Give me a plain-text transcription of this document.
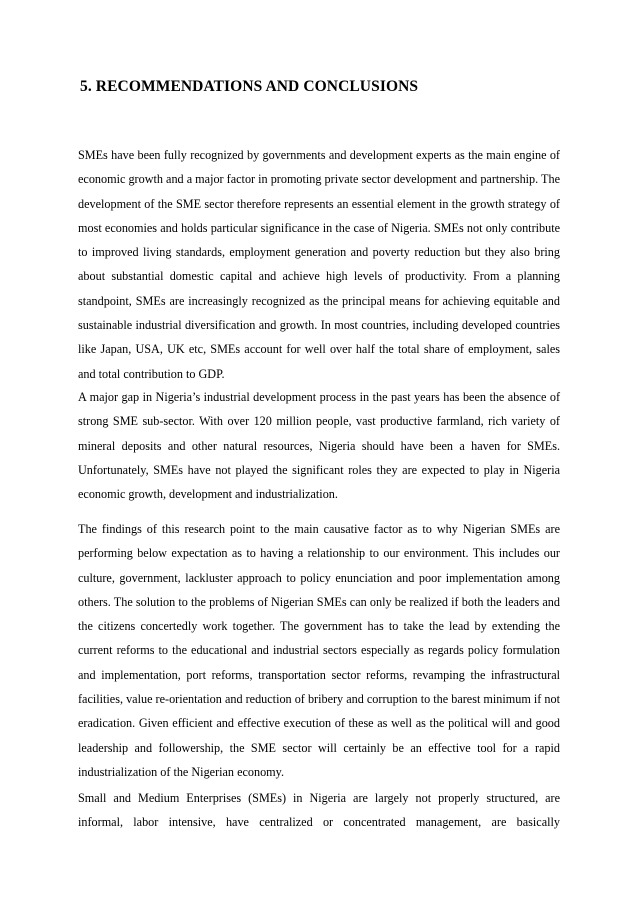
5. RECOMMENDATIONS AND CONCLUSIONS

SMEs have been fully recognized by governments and development experts as the main engine of economic growth and a major factor in promoting private sector development and partnership. The development of the SME sector therefore represents an essential element in the growth strategy of most economies and holds particular significance in the case of Nigeria. SMEs not only contribute to improved living standards, employment generation and poverty reduction but they also bring about substantial domestic capital and achieve high levels of productivity. From a planning standpoint, SMEs are increasingly recognized as the principal means for achieving equitable and sustainable industrial diversification and growth. In most countries, including developed countries like Japan, USA, UK etc, SMEs account for well over half the total share of employment, sales and total contribution to GDP.

A major gap in Nigeria’s industrial development process in the past years has been the absence of strong SME sub-sector. With over 120 million people, vast productive farmland, rich variety of mineral deposits and other natural resources, Nigeria should have been a haven for SMEs. Unfortunately, SMEs have not played the significant roles they are expected to play in Nigeria economic growth, development and industrialization.

The findings of this research point to the main causative factor as to why Nigerian SMEs are performing below expectation as to having a relationship to our environment. This includes our culture, government, lackluster approach to policy enunciation and poor implementation among others. The solution to the problems of Nigerian SMEs can only be realized if both the leaders and the citizens concertedly work together. The government has to take the lead by extending the current reforms to the educational and industrial sectors especially as regards policy formulation and implementation, port reforms, transportation sector reforms, revamping the infrastructural facilities, value re-orientation and reduction of bribery and corruption to the barest minimum if not eradication. Given efficient and effective execution of these as well as the political will and good leadership and followership, the SME sector will certainly be an effective tool for a rapid industrialization of the Nigerian economy.

Small and Medium Enterprises (SMEs) in Nigeria are largely not properly structured, are informal, labor intensive, have centralized or concentrated management, are basically
